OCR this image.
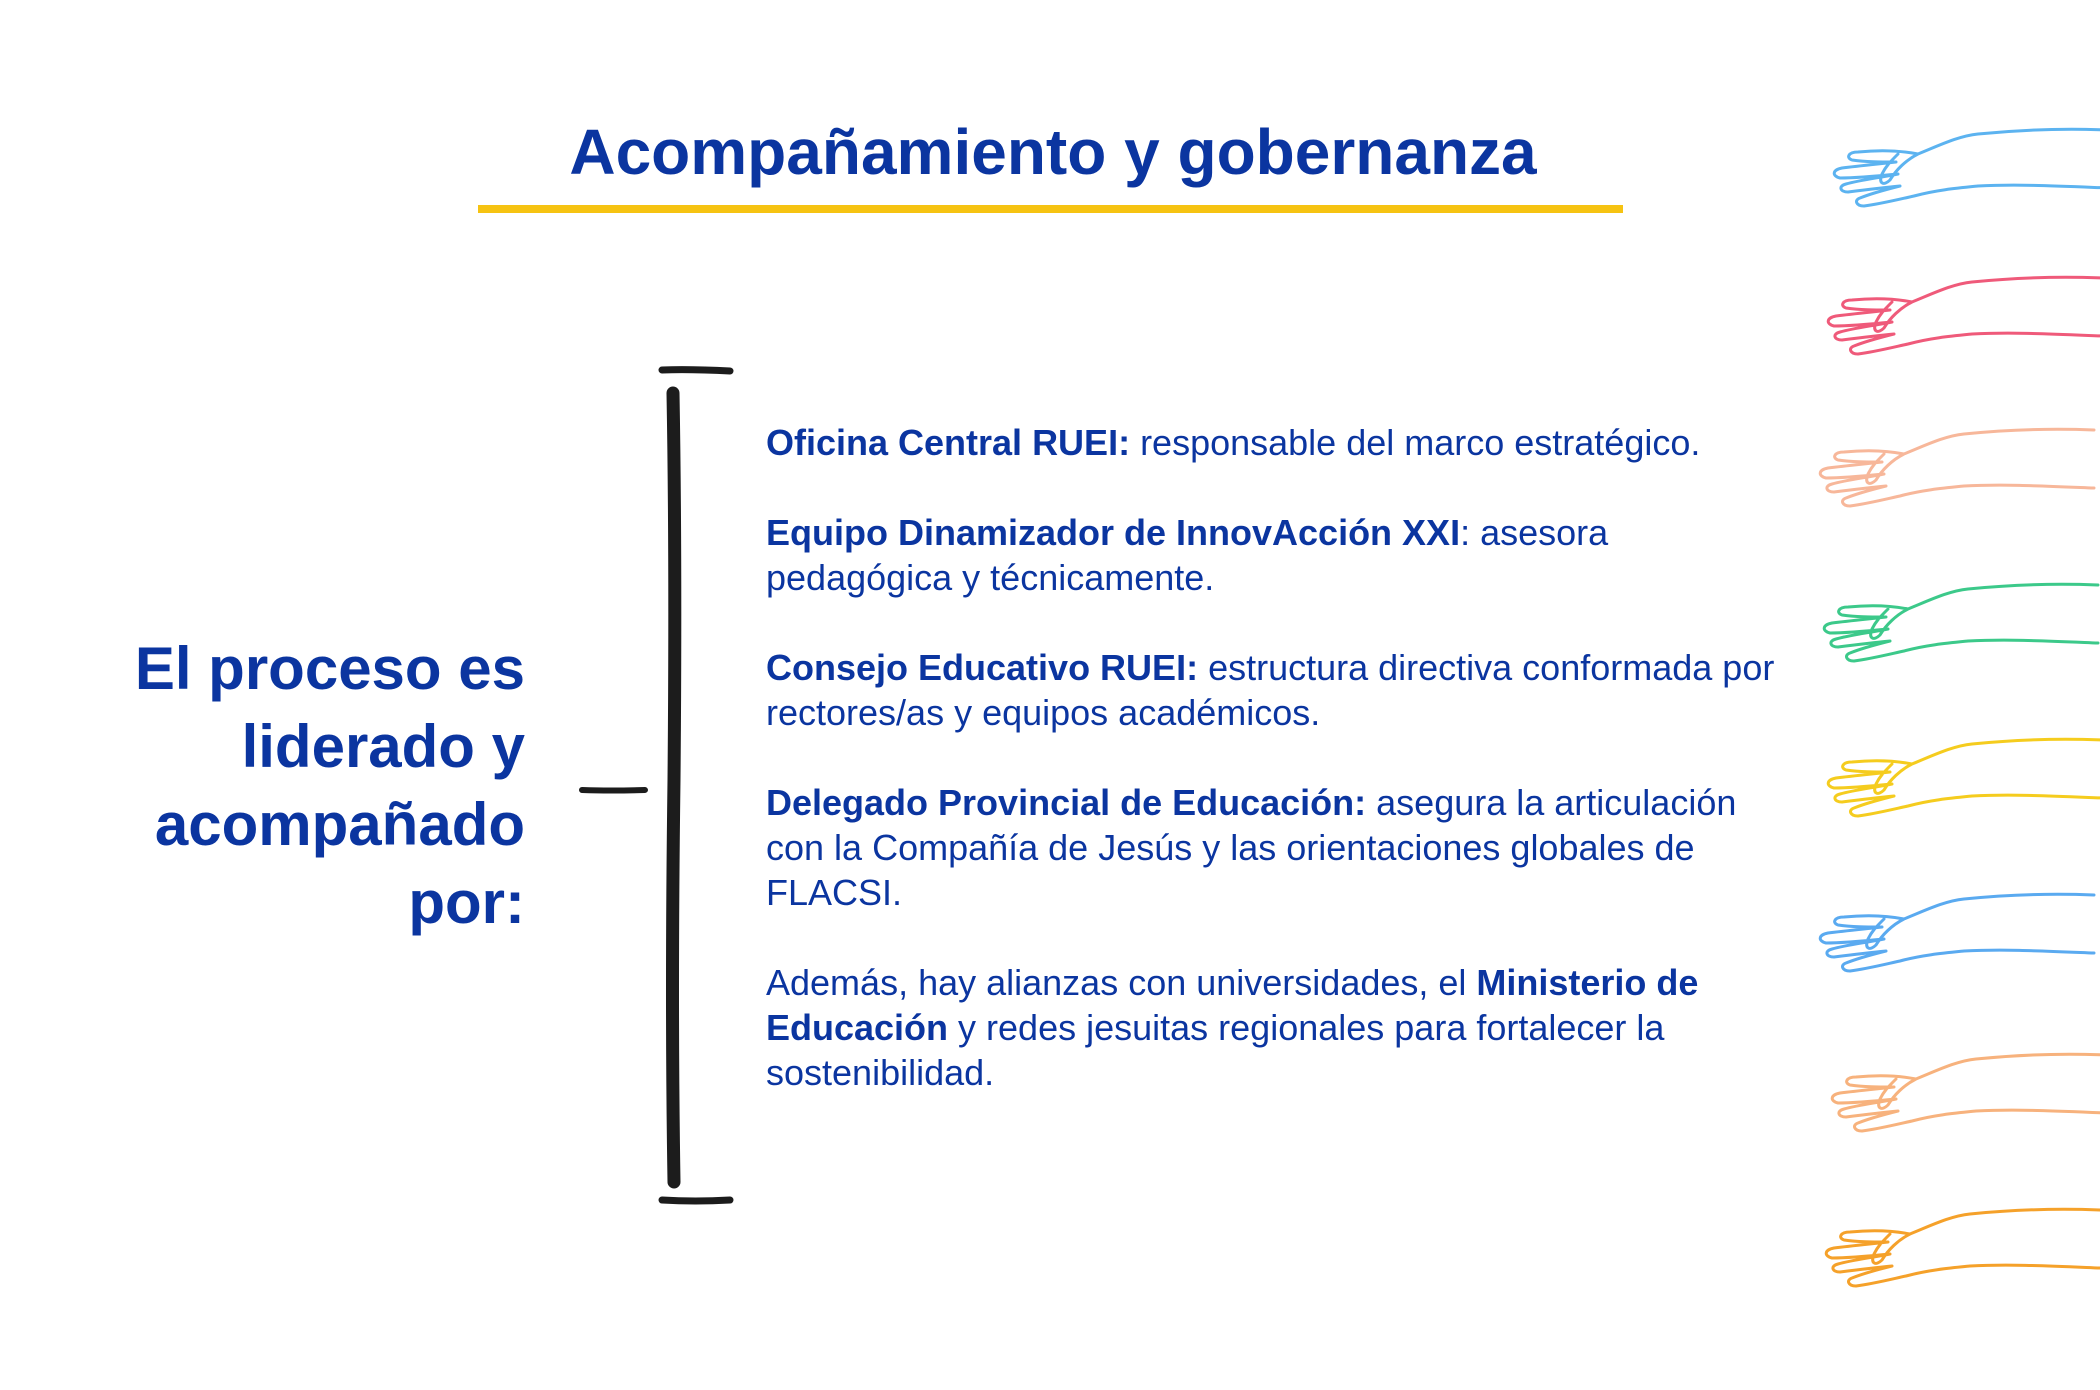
Acompañamiento y gobernanza
El proceso es
liderado y
acompañado
por:

Oficina Central RUEI: responsable del marco estratégico.

Equipo Dinamizador de InnovAcción XXI: asesora pedagógica y técnicamente.

Consejo Educativo RUEI: estructura directiva conformada por rectores/as y equipos académicos.

Delegado Provincial de Educación: asegura la articulación con la Compañía de Jesús y las orientaciones globales de FLACSI.

Además, hay alianzas con universidades, el Ministerio de Educación y redes jesuitas regionales para fortalecer la sostenibilidad.
